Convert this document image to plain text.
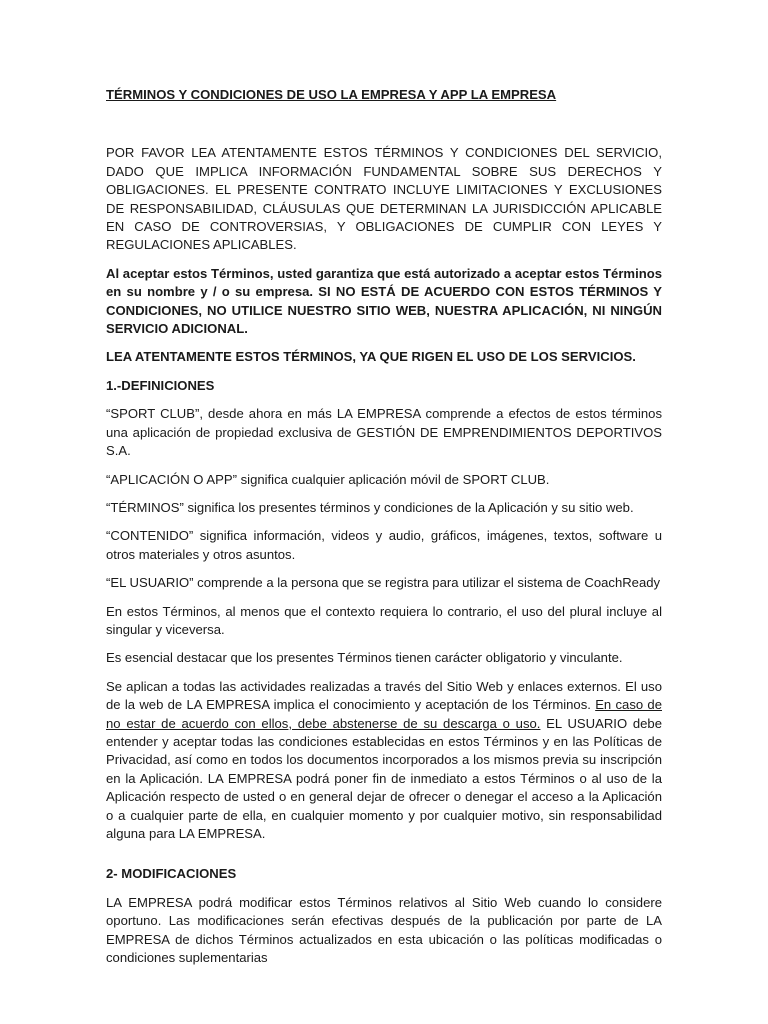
TÉRMINOS Y CONDICIONES DE USO LA EMPRESA Y APP LA EMPRESA

POR FAVOR LEA ATENTAMENTE ESTOS TÉRMINOS Y CONDICIONES DEL SERVICIO, DADO QUE IMPLICA INFORMACIÓN FUNDAMENTAL SOBRE SUS DERECHOS Y OBLIGACIONES. EL PRESENTE CONTRATO INCLUYE LIMITACIONES Y EXCLUSIONES DE RESPONSABILIDAD, CLÁUSULAS QUE DETERMINAN LA JURISDICCIÓN APLICABLE EN CASO DE CONTROVERSIAS, Y OBLIGACIONES DE CUMPLIR CON LEYES Y REGULACIONES APLICABLES.

Al aceptar estos Términos, usted garantiza que está autorizado a aceptar estos Términos en su nombre y / o su empresa. SI NO ESTÁ DE ACUERDO CON ESTOS TÉRMINOS Y CONDICIONES, NO UTILICE NUESTRO SITIO WEB, NUESTRA APLICACIÓN, NI NINGÚN SERVICIO ADICIONAL.

LEA ATENTAMENTE ESTOS TÉRMINOS, YA QUE RIGEN EL USO DE LOS SERVICIOS.

1.-DEFINICIONES

“SPORT CLUB”, desde ahora en más LA EMPRESA comprende a efectos de estos términos una aplicación de propiedad exclusiva de GESTIÓN DE EMPRENDIMIENTOS DEPORTIVOS S.A.

“APLICACIÓN O APP” significa cualquier aplicación móvil de SPORT CLUB.

“TÉRMINOS” significa los presentes términos y condiciones de la Aplicación y su sitio web.

“CONTENIDO” significa información, videos y audio, gráficos, imágenes, textos, software u otros materiales y otros asuntos.

“EL USUARIO” comprende a la persona que se registra para utilizar el sistema de CoachReady

En estos Términos, al menos que el contexto requiera lo contrario, el uso del plural incluye al singular y viceversa.

Es esencial destacar que los presentes Términos tienen carácter obligatorio y vinculante.

Se aplican a todas las actividades realizadas a través del Sitio Web y enlaces externos. El uso de la web de LA EMPRESA implica el conocimiento y aceptación de los Términos. En caso de no estar de acuerdo con ellos, debe abstenerse de su descarga o uso. EL USUARIO debe entender y aceptar todas las condiciones establecidas en estos Términos y en las Políticas de Privacidad, así como en todos los documentos incorporados a los mismos previa su inscripción en la Aplicación. LA EMPRESA podrá poner fin de inmediato a estos Términos o al uso de la Aplicación respecto de usted o en general dejar de ofrecer o denegar el acceso a la Aplicación o a cualquier parte de ella, en cualquier momento y por cualquier motivo, sin responsabilidad alguna para LA EMPRESA.

2- MODIFICACIONES

LA EMPRESA podrá modificar estos Términos relativos al Sitio Web cuando lo considere oportuno. Las modificaciones serán efectivas después de la publicación por parte de LA EMPRESA de dichos Términos actualizados en esta ubicación o las políticas modificadas o condiciones suplementarias
